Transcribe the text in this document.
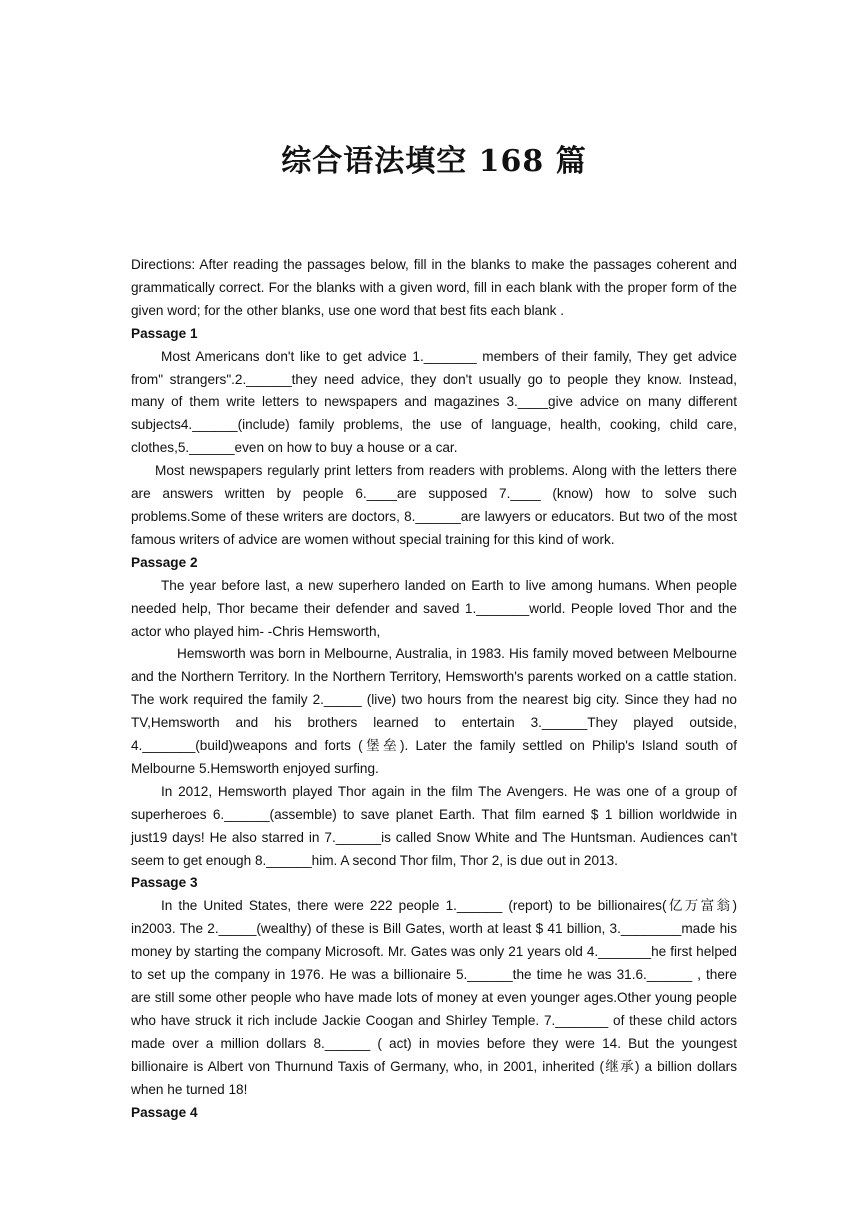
综合语法填空 168 篇

Directions: After reading the passages below, fill in the blanks to make the passages coherent and grammatically correct. For the blanks with a given word, fill in each blank with the proper form of the given word; for the other blanks, use one word that best fits each blank .

Passage 1

Most Americans don't like to get advice 1._______ members of their family, They get advice from" strangers".2.______they need advice, they don't usually go to people they know. Instead, many of them write letters to newspapers and magazines 3.____give advice on many different subjects4.______(include) family problems, the use of language, health, cooking, child care, clothes,5.______even on how to buy a house or a car.

Most newspapers regularly print letters from readers with problems. Along with the letters there are answers written by people 6.____are supposed 7.____ (know) how to solve such problems.Some of these writers are doctors, 8.______are lawyers or educators. But two of the most famous writers of advice are women without special training for this kind of work.

Passage 2

The year before last, a new superhero landed on Earth to live among humans. When people needed help, Thor became their defender and saved 1._______world. People loved Thor and the actor who played him- -Chris Hemsworth,

Hemsworth was born in Melbourne, Australia, in 1983. His family moved between Melbourne and the Northern Territory. In the Northern Territory, Hemsworth's parents worked on a cattle station. The work required the family 2._____ (live) two hours from the nearest big city. Since they had no TV,Hemsworth and his brothers learned to entertain 3.______They played outside, 4._______(build)weapons and forts (堡垒). Later the family settled on Philip's Island south of Melbourne 5.Hemsworth enjoyed surfing.

In 2012, Hemsworth played Thor again in the film The Avengers. He was one of a group of superheroes 6.______(assemble) to save planet Earth. That film earned $ 1 billion worldwide in just19 days! He also starred in 7.______is called Snow White and The Huntsman. Audiences can't seem to get enough 8.______him. A second Thor film, Thor 2, is due out in 2013.

Passage 3

In the United States, there were 222 people 1.______ (report) to be billionaires(亿万富翁) in2003. The 2._____(wealthy) of these is Bill Gates, worth at least $ 41 billion, 3.________made his money by starting the company Microsoft. Mr. Gates was only 21 years old 4._______he first helped to set up the company in 1976. He was a billionaire 5.______the time he was 31.6.______ , there are still some other people who have made lots of money at even younger ages.Other young people who have struck it rich include Jackie Coogan and Shirley Temple. 7._______ of these child actors made over a million dollars 8.______ ( act) in movies before they were 14. But the youngest billionaire is Albert von Thurnund Taxis of Germany, who, in 2001, inherited (继承) a billion dollars when he turned 18!

Passage 4
